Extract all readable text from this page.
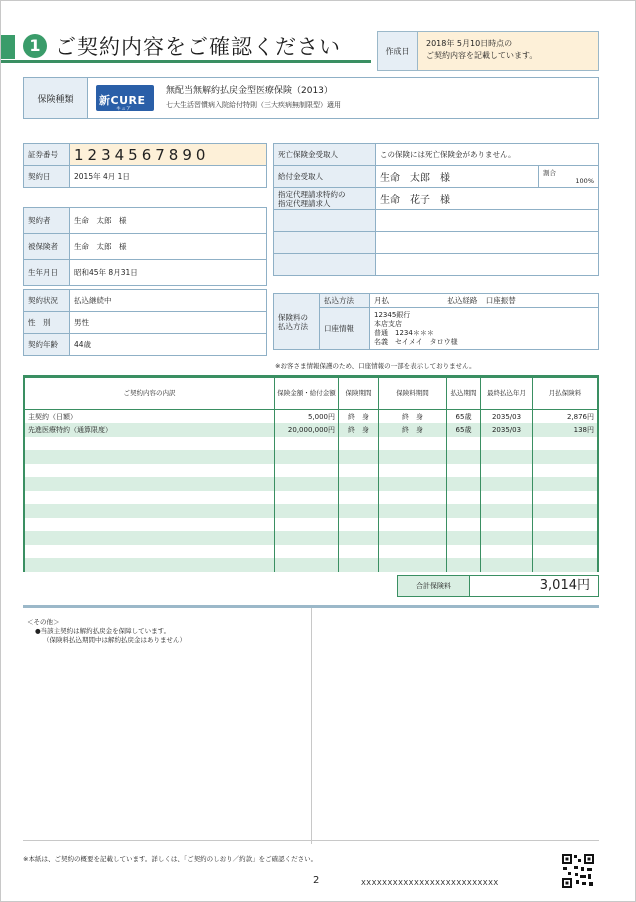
1 ご契約内容をご確認ください	作成日
2018年 5月10日時点の
ご契約内容を記載しています。
保険種類	新CURE
キュア
無配当無解約払戻金型医療保険（2013）
七大生活習慣病入院給付特則（三大疾病無制限型）適用
証券番号	1234567890
契約日	2015年 4月 1日
契約者	生命　太郎　様
被保険者	生命　太郎　様
生年月日	昭和45年 8月31日
契約状況	払込継続中
性　別	男性
契約年齢	44歳
死亡保険金受取人	この保険には死亡保険金がありません。	
給付金受取人	生命　太郎　様	割合
100%

指定代理請求特約の
指定代理請求人	生命　花子　様	

保険料の
払込方法	払込方法	月払 払込経路 口座振替
	口座情報	12345銀行
本店支店
普通　1234＊＊＊
名義　セイメイ　タロウ様
※お客さま情報保護のため、口座情報の一部を表示しておりません。
ご契約内容の内訳	保険金額・給付金額	保険期間	保険料期間	払込期間	最終払込年月	月払保険料
主契約（日額）	5,000円	終　身	終　身	65歳	2035/03	2,876円
先進医療特約（通算限度）	20,000,000円	終　身	終　身	65歳	2035/03	138円

合計保険料	3,014円
＜その他＞
●当該主契約は解約払戻金を保障しています。
（保険料払込期間中は解約払戻金はありません）
※本紙は、ご契約の概要を記載しています。詳しくは、「ご契約のしおり／約款」をご確認ください。
2	XXXXXXXXXXXXXXXXXXXXXXXXXX
